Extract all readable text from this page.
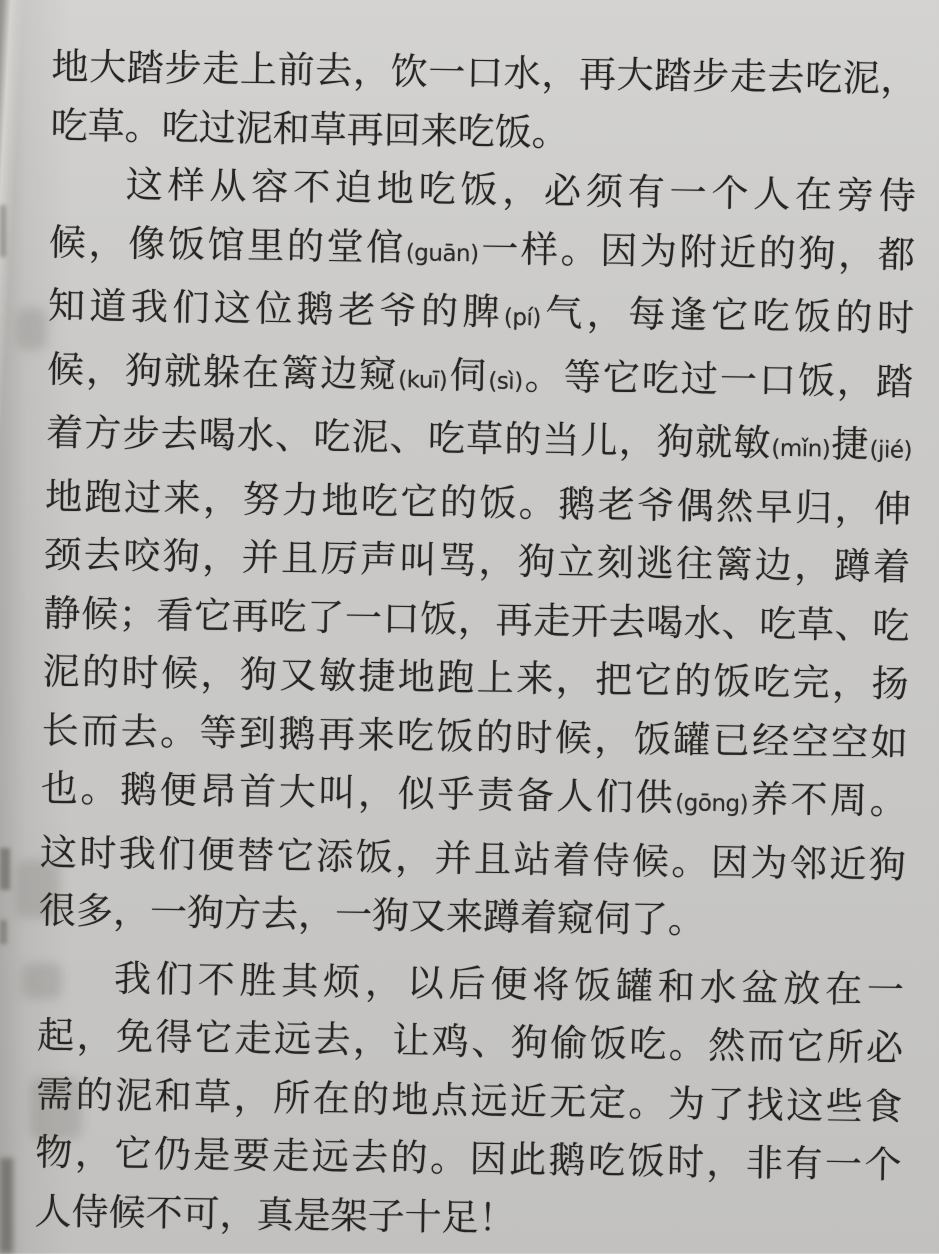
地大踏步走上前去，饮一口水，再大踏步走去吃泥，
吃草。吃过泥和草再回来吃饭。
这样从容不迫地吃饭，必须有一个人在旁侍
候，像饭馆里的堂倌(guān)一样。因为附近的狗，都
知道我们这位鹅老爷的脾(pí)气，每逢它吃饭的时
候，狗就躲在篱边窥(kuī)伺(sì)。等它吃过一口饭，踏
着方步去喝水、吃泥、吃草的当儿，狗就敏(mǐn)捷(jié)
地跑过来，努力地吃它的饭。鹅老爷偶然早归，伸
颈去咬狗，并且厉声叫骂，狗立刻逃往篱边，蹲着
静候；看它再吃了一口饭，再走开去喝水、吃草、吃
泥的时候，狗又敏捷地跑上来，把它的饭吃完，扬
长而去。等到鹅再来吃饭的时候，饭罐已经空空如
也。鹅便昂首大叫，似乎责备人们供(gōng)养不周。
这时我们便替它添饭，并且站着侍候。因为邻近狗
很多，一狗方去，一狗又来蹲着窥伺了。
我们不胜其烦，以后便将饭罐和水盆放在一
起，免得它走远去，让鸡、狗偷饭吃。然而它所必
需的泥和草，所在的地点远近无定。为了找这些食
物，它仍是要走远去的。因此鹅吃饭时，非有一个
人侍候不可，真是架子十足！
